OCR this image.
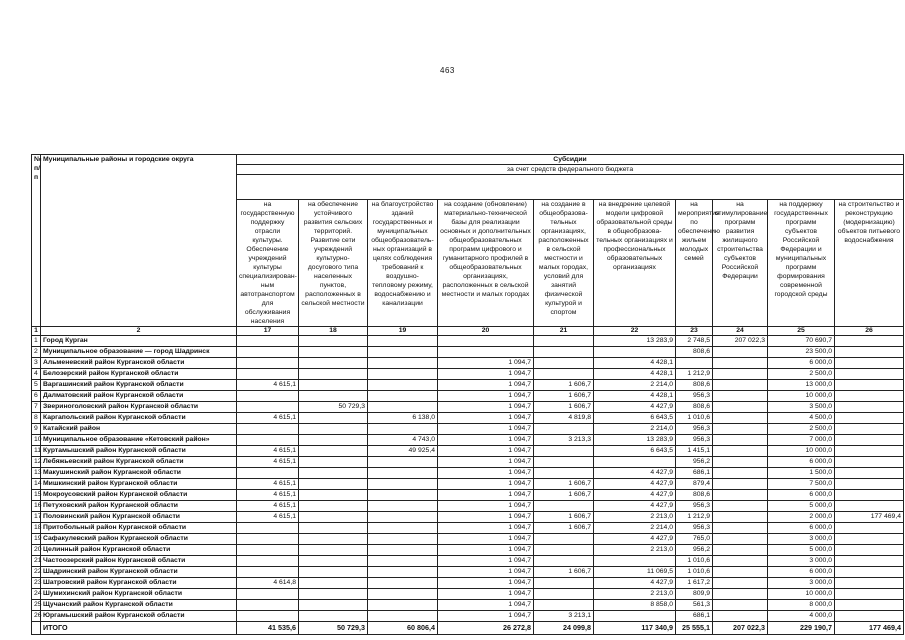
463
№ п/п	Муниципальные районы и городские округа	Субсидии									
		за счет средств федерального бюджета									

		на государственную поддержку отрасли культуры. Обеспечение учреждений культуры специализирован-ным автотранспортом для обслуживания населения	на обеспечение устойчивого развития сельских территорий. Развитие сети учреждений культурно-досугового типа населенных пунктов, расположенных в сельской местности	на благоустройство зданий государственных и муниципальных общеобразователь-ных организаций в целях соблюдения требований к воздушно-тепловому режиму, водоснабжению и канализации	на создание (обновление) материально-технической базы для реализации основных и дополнительных общеобразовательных программ цифрового и гуманитарного профилей в общеобразовательных организациях, расположенных в сельской местности и малых городах	на создание в общеобразова-тельных организациях, расположенных в сельской местности и малых городах, условий для занятий физической культурой и спортом	на внедрение целевой модели цифровой образовательной среды в общеобразова-тельных организациях и профессиональных образовательных организациях	на мероприятия по обеспечению жильем молодых семей	на стимулирование программ развития жилищного строительства субъектов Российской Федерации	на поддержку государственных программ субъектов Российской Федерации и муниципальных программ формирования современной городской среды	на строительство и реконструкцию (модернизацию) объектов питьевого водоснабжения
1	2	17	18	19	20	21	22	23	24	25	26
1	Город Курган						13 283,9	2 748,5	207 022,3	70 690,7	
2	Муниципальное образование — город Шадринск							808,6		23 500,0	
3	Альменевский район Курганской области				1 094,7		4 428,1			6 000,0	
4	Белозерский район Курганской области				1 094,7		4 428,1	1 212,9		2 500,0	
5	Варгашинский район Курганской области	4 615,1			1 094,7	1 606,7	2 214,0	808,6		13 000,0	
6	Далматовский район Курганской области				1 094,7	1 606,7	4 428,1	956,3		10 000,0	
7	Звериноголовский район Курганской области		50 729,3		1 094,7	1 606,7	4 427,9	808,6		3 500,0	
8	Каргапольский район Курганской области	4 615,1		6 138,0	1 094,7	4 819,8	6 643,5	1 010,6		4 500,0	
9	Катайский район				1 094,7		2 214,0	956,3		2 500,0	
10	Муниципальное образование «Кетовский район»			4 743,0	1 094,7	3 213,3	13 283,9	956,3		7 000,0	
11	Куртамышский район Курганской области	4 615,1		49 925,4	1 094,7		6 643,5	1 415,1		10 000,0	
12	Лебяжьевский район Курганской области	4 615,1			1 094,7			956,2		6 000,0	
13	Макушинский район Курганской области				1 094,7		4 427,9	686,1		1 500,0	
14	Мишкинский район Курганской области	4 615,1			1 094,7	1 606,7	4 427,9	879,4		7 500,0	
15	Мокроусовский район Курганской области	4 615,1			1 094,7	1 606,7	4 427,9	808,6		6 000,0	
16	Петуховский район Курганской области	4 615,1			1 094,7		4 427,9	956,3		5 000,0	
17	Половинский район Курганской области	4 615,1			1 094,7	1 606,7	2 213,0	1 212,9		2 000,0	177 469,4
18	Притобольный район Курганской области				1 094,7	1 606,7	2 214,0	956,3		6 000,0	
19	Сафакулевский район Курганской области				1 094,7		4 427,9	765,0		3 000,0	
20	Целинный район Курганской области				1 094,7		2 213,0	956,2		5 000,0	
21	Частоозерский район Курганской области				1 094,7			1 010,6		3 000,0	
22	Шадринский район Курганской области				1 094,7	1 606,7	11 069,5	1 010,6		6 000,0	
23	Шатровский район Курганской области	4 614,8			1 094,7		4 427,9	1 617,2		3 000,0	
24	Шумихинский район Курганской области				1 094,7		2 213,0	809,9		10 000,0	
25	Щучанский район Курганской области				1 094,7		8 858,0	561,3		8 000,0	
26	Юргамышский район Курганской области				1 094,7	3 213,1		686,1		4 000,0	
	ИТОГО	41 535,6	50 729,3	60 806,4	26 272,8	24 099,8	117 340,9	25 555,1	207 022,3	229 190,7	177 469,4
